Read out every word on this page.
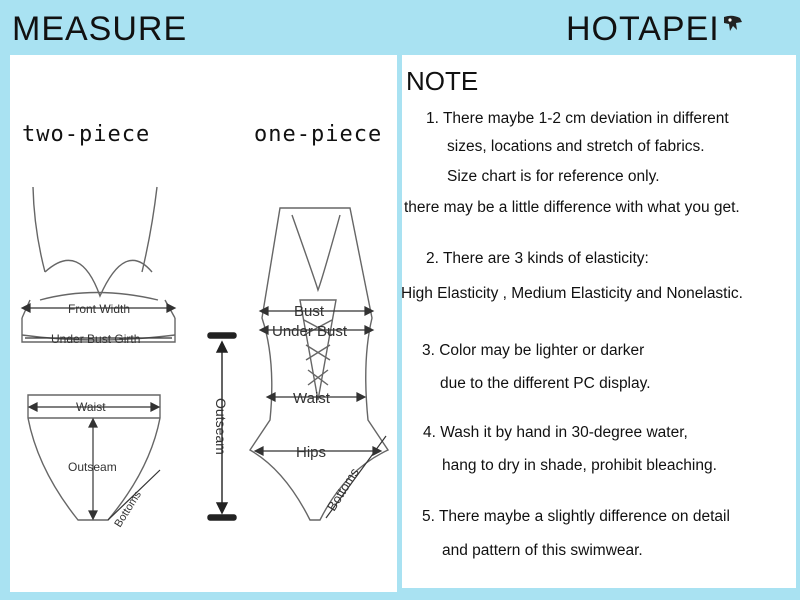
MEASURE	HOTAPEI
two-piece	one-piece
Front Width
Under Bust Girth
Waist
Outseam
Bottoms
Outseam
Bust
Under Bust
Waist
Hips
Bottoms
NOTE
1. There maybe 1-2 cm deviation in different
sizes, locations and stretch of fabrics.
Size chart is for reference only.
there may be a little difference with what you get.
2. There are 3 kinds of elasticity:
High Elasticity , Medium Elasticity and Nonelastic.
3. Color may be lighter or darker
due to the different PC display.
4. Wash it by hand in 30-degree water,
hang to dry in shade, prohibit bleaching.
5. There maybe a slightly difference on detail
and pattern of this swimwear.
